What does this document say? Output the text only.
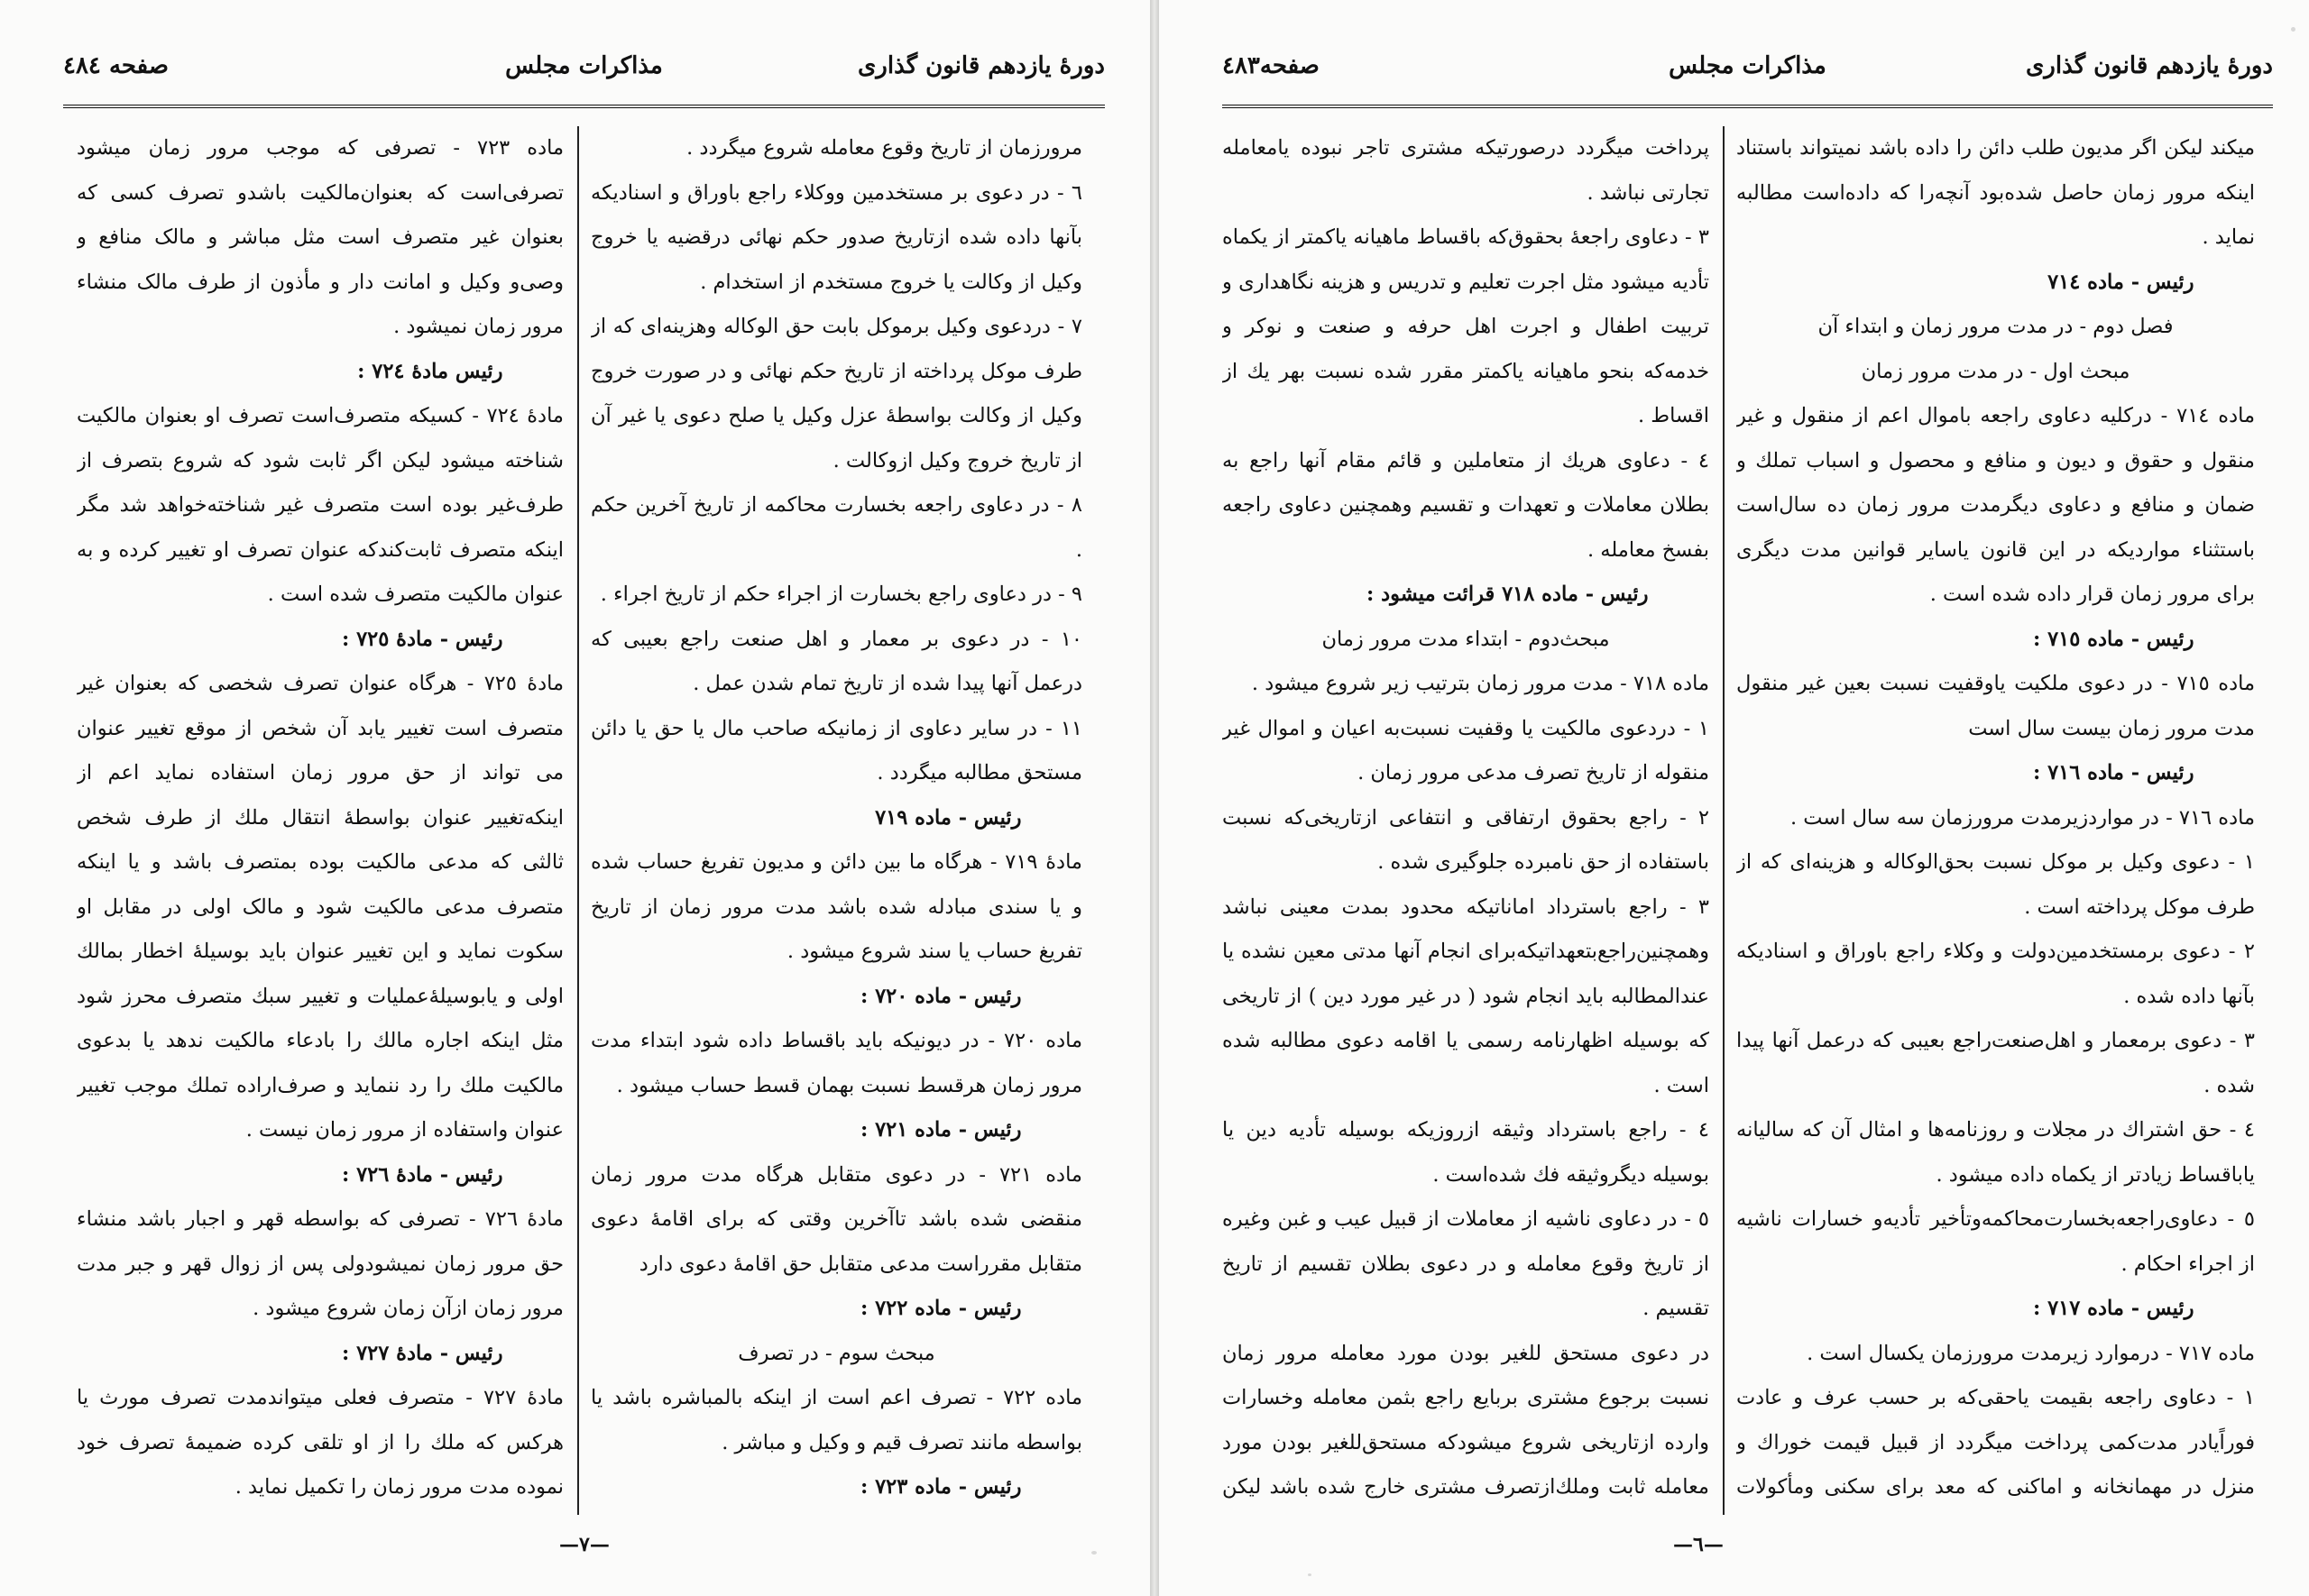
دورهٔ یازدهم قانون گذاری
مذاکرات مجلس
صفحه ٤٨٤

مرورزمان از تاریخ وقوع معامله شروع میگردد .

٦ - در دعوی بر مستخدمین ووکلاء راجع باوراق و اسنادیکه بآنها داده شده ازتاریخ صدور حکم نهائی درقضیه یا خروج وکیل از وکالت یا خروج مستخدم از استخدام .

٧ - دردعوی وکیل برموکل بابت حق الوکاله وهزینه‌ای که از طرف موکل پرداخته از تاریخ حکم نهائی و در صورت خروج وکیل از وکالت بواسطهٔ عزل وکیل یا صلح دعوی یا غیر آن از تاریخ خروج وکیل ازوکالت .

٨ - در دعاوی راجعه بخسارت محاکمه از تاریخ آخرین حکم .

٩ - در دعاوی راجع بخسارت از اجراء حکم از تاریخ اجراء .

١٠ - در دعوی بر معمار و اهل صنعت راجع بعیبی که درعمل آنها پیدا شده از تاریخ تمام شدن عمل .

١١ - در سایر دعاوی از زمانیکه صاحب مال یا حق یا دائن مستحق مطالبه میگردد .

رئیس - ماده ٧١٩

مادهٔ ٧١٩ - هرگاه ما بین دائن و مدیون تفریغ حساب شده و یا سندی مبادله شده باشد مدت مرور زمان از تاریخ تفریغ حساب یا سند شروع میشود .

رئیس - ماده ٧٢٠ :

ماده ٧٢٠ - در دیونیکه باید باقساط داده شود ابتداء مدت مرور زمان هرقسط نسبت بهمان قسط حساب میشود .

رئیس - ماده ٧٢١ :

ماده ٧٢١ - در دعوی متقابل هرگاه مدت مرور زمان منقضی شده باشد تاآخرین وقتی که برای اقامهٔ دعوی متقابل مقرراست مدعی متقابل حق اقامهٔ دعوی دارد

رئیس - ماده ٧٢٢ :

مبحث سوم - در تصرف

ماده ٧٢٢ - تصرف اعم است از اینکه بالمباشره باشد یا بواسطه مانند تصرف قیم و وکیل و مباشر .

رئیس - ماده ٧٢٣ :

ماده ٧٢٣ - تصرفی که موجب مرور زمان میشود تصرفی‌است که بعنوان‌مالکیت باشد‌و تصرف کسی که بعنوان غیر متصرف است مثل مباشر و مالک منافع و وصی‌و وکیل و امانت دار و مأذون از طرف مالک منشاء مرور زمان نمیشود .

رئیس مادهٔ ٧٢٤ :

مادهٔ ٧٢٤ - کسیکه متصرف‌است تصرف او بعنوان مالکیت شناخته میشود لیکن اگر ثابت شود که شروع بتصرف از طرف‌غیر بوده است متصرف غیر شناخته‌خواهد شد مگر اینکه متصرف ثابت‌کند‌که عنوان تصرف او تغییر کرده و به عنوان مالکیت متصرف شده است .

رئیس - مادهٔ ٧٢٥ :

مادهٔ ٧٢٥ - هرگاه عنوان تصرف شخصی که بعنوان غیر متصرف است تغییر یابد آن شخص از موقع تغییر عنوان می تواند از حق مرور زمان استفاده نماید اعم از اینکه‌تغییر عنوان بواسطهٔ انتقال ملك از طرف شخص ثالثی که مدعی مالکیت بوده بمتصرف باشد و یا اینکه متصرف مدعی مالکیت شود و مالک اولی در مقابل او سکوت نماید و این تغییر عنوان باید بوسیلهٔ اخطار بمالك اولی و یابوسیلهٔ‌عملیات و تغییر سبك متصرف محرز شود مثل اینکه اجاره مالك را بادعاء مالکیت ندهد یا بدعوی مالکیت ملك را رد ننماید و صرف‌اراده تملك موجب تغییر عنوان واستفاده از مرور زمان نیست .

رئیس - مادهٔ ٧٢٦ :

مادهٔ ٧٢٦ - تصرفی که بواسطه قهر و اجبار باشد منشاء حق مرور زمان نمیشود‌ولی پس از زوال قهر و جبر مدت مرور زمان از‌آن زمان شروع میشود .

رئیس - مادهٔ ٧٢٧ :

مادهٔ ٧٢٧ - متصرف فعلی میتواند‌مدت تصرف مورث یا هرکس که ملك را از او تلقی کرده ضمیمهٔ تصرف خود نموده مدت مرور زمان را تکمیل نماید .

—٧—
دورهٔ یازدهم قانون گذاری
مذاکرات مجلس
صفحه٤٨٣

میکند لیکن اگر مدیون طلب دائن را داده باشد نمیتواند باستناد اینکه مرور زمان حاصل شده‌بود آنچه‌را که داده‌است مطالبه نماید .

رئیس - ماده ٧١٤

فصل دوم - در مدت مرور زمان و ابتداء آن

مبحث اول - در مدت مرور زمان

ماده ٧١٤ - درکلیه دعاوی راجعه باموال اعم از منقول و غیر منقول و حقوق و دیون و منافع و محصول و اسباب تملك و ضمان و منافع و دعاوی دیگرمدت مرور زمان ده سال‌است باستثناء مواردیکه در این قانون یاسایر قوانین مدت دیگری برای مرور زمان قرار داده شده است .

رئیس - ماده ٧١٥ :

ماده ٧١٥ - در دعوی ملکیت یاوقفیت نسبت بعین غیر منقول مدت مرور زمان بیست سال است

رئیس - ماده ٧١٦ :

ماده ٧١٦ - در مواردزیرمدت مرورزمان سه سال است .

١ - دعوی وکیل بر موکل نسبت بحق‌الوکاله و هزینه‌ای که از طرف موکل پرداخته است .

٢ - دعوی برمستخدمین‌دولت و وکلاء راجع باوراق و اسنادیکه بآنها داده شده .

٣ - دعوی برمعمار و اهل‌صنعت‌راجع بعیبی که درعمل آنها پیدا شده .

٤ - حق اشتراك در مجلات و روزنامه‌ها و امثال آن که سالیانه یاباقساط زیادتر از یکماه داده میشود .

٥ - دعاوی‌راجعه‌بخسارت‌محاکمه‌و‌تأخیر تأدیه‌و خسارات ناشیه از اجراء احکام .

رئیس - ماده ٧١٧ :

ماده ٧١٧ - درموارد زیرمدت مرورزمان یکسال است .

١ - دعاوی راجعه بقیمت یاحقی‌که بر حسب عرف و عادت فوراً‌یادر مدت‌کمی پرداخت میگردد از قبیل قیمت خوراك و منزل در مهمانخانه و اماکنی که معد برای سکنی ومأکولات

پرداخت میگردد درصورتیکه مشتری تاجر نبوده یامعامله تجارتی نباشد .

٣ - دعاوی راجعهٔ بحقوق‌که باقساط ماهیانه یاکمتر از یکماه تأدیه میشود مثل اجرت تعلیم و تدریس و هزینه نگاهداری و تربیت اطفال و اجرت اهل حرفه و صنعت و نوکر و خدمه‌که بنحو ماهیانه یاکمتر مقرر شده نسبت بهر یك از اقساط .

٤ - دعاوی هریك از متعاملین و قائم مقام آنها راجع به بطلان معاملات و تعهدات و تقسیم وهمچنین دعاوی راجعه بفسخ معامله .

رئیس - ماده ٧١٨ قرائت میشود :

مبحث‌دوم - ابتداء مدت مرور زمان

ماده ٧١٨ - مدت مرور زمان بترتیب زیر شروع میشود .

١ - دردعوی مالکیت یا وقفیت نسبت‌به اعیان و اموال غیر منقوله از تاریخ تصرف مدعی مرور زمان .

٢ - راجع بحقوق ارتفاقی و انتفاعی ازتاریخی‌که نسبت باستفاده از حق نامبرده جلوگیری شده .

٣ - راجع باسترداد اماناتیکه محدود بمدت معینی نباشد وهمچنین‌راجع‌بتعهداتیکه‌برای انجام آنها مدتی معین نشده یا عندالمطالبه باید انجام شود ( در غیر مورد دین ) از تاریخی که بوسیله اظهارنامه رسمی یا اقامه دعوی مطالبه شده است .

٤ - راجع باسترداد وثیقه ازروزیکه بوسیله تأدیه دین یا بوسیله دیگرو‌ثیقه فك شده‌است .

٥ - در دعاوی ناشیه از معاملات از قبیل عیب و غبن وغیره از تاریخ وقوع معامله و در دعوی بطلان تقسیم از تاریخ تقسیم .

در دعوی مستحق للغیر بودن مورد معامله مرور زمان نسبت برجوع مشتری بربایع راجع بثمن معامله وخسارات وارده ازتاریخی شروع میشود‌که مستحق‌للغیر بودن مورد معامله ثابت و‌ملك‌ازتصرف مشتری خارج شده باشد لیکن

—٦—
